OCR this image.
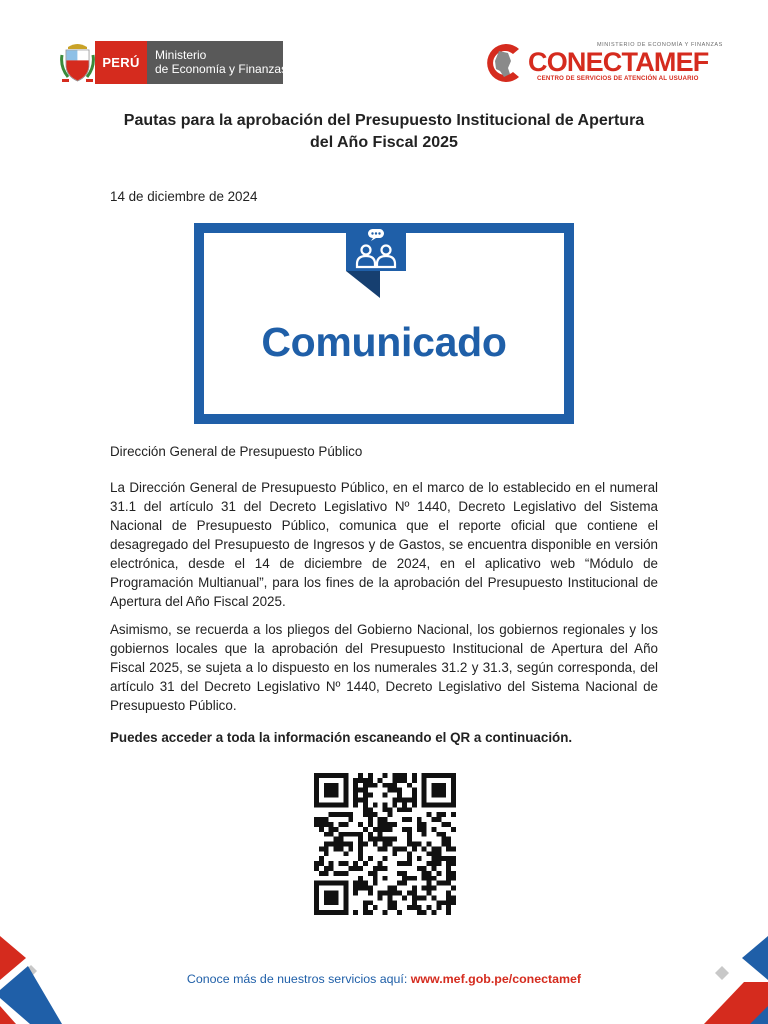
PERÚ	Ministerio
de Economía y Finanzas
MINISTERIO DE ECONOMÍA Y FINANZAS
CONECTAMEF
CENTRO DE SERVICIOS DE ATENCIÓN AL USUARIO
Pautas para la aprobación del Presupuesto Institucional de Apertura
del Año Fiscal 2025
14 de diciembre de 2024
Comunicado

Dirección General de Presupuesto Público

La Dirección General de Presupuesto Público, en el marco de lo establecido en el numeral 31.1 del artículo 31 del Decreto Legislativo Nº 1440, Decreto Legislativo del Sistema Nacional de Presupuesto Público, comunica que el reporte oficial que contiene el desagregado del Presupuesto de Ingresos y de Gastos, se encuentra disponible en versión electrónica, desde el 14 de diciembre de 2024, en el aplicativo web “Módulo de Programación Multianual”, para los fines de la aprobación del Presupuesto Institucional de Apertura del Año Fiscal 2025.

Asimismo, se recuerda a los pliegos del Gobierno Nacional, los gobiernos regionales y los gobiernos locales que la aprobación del Presupuesto Institucional de Apertura del Año Fiscal 2025, se sujeta a lo dispuesto en los numerales 31.2 y 31.3, según corresponda, del artículo 31 del Decreto Legislativo Nº 1440, Decreto Legislativo del Sistema Nacional de Presupuesto Público.

Puedes acceder a toda la información escaneando el QR a continuación.

Conoce más de nuestros servicios aquí: www.mef.gob.pe/conectamef
